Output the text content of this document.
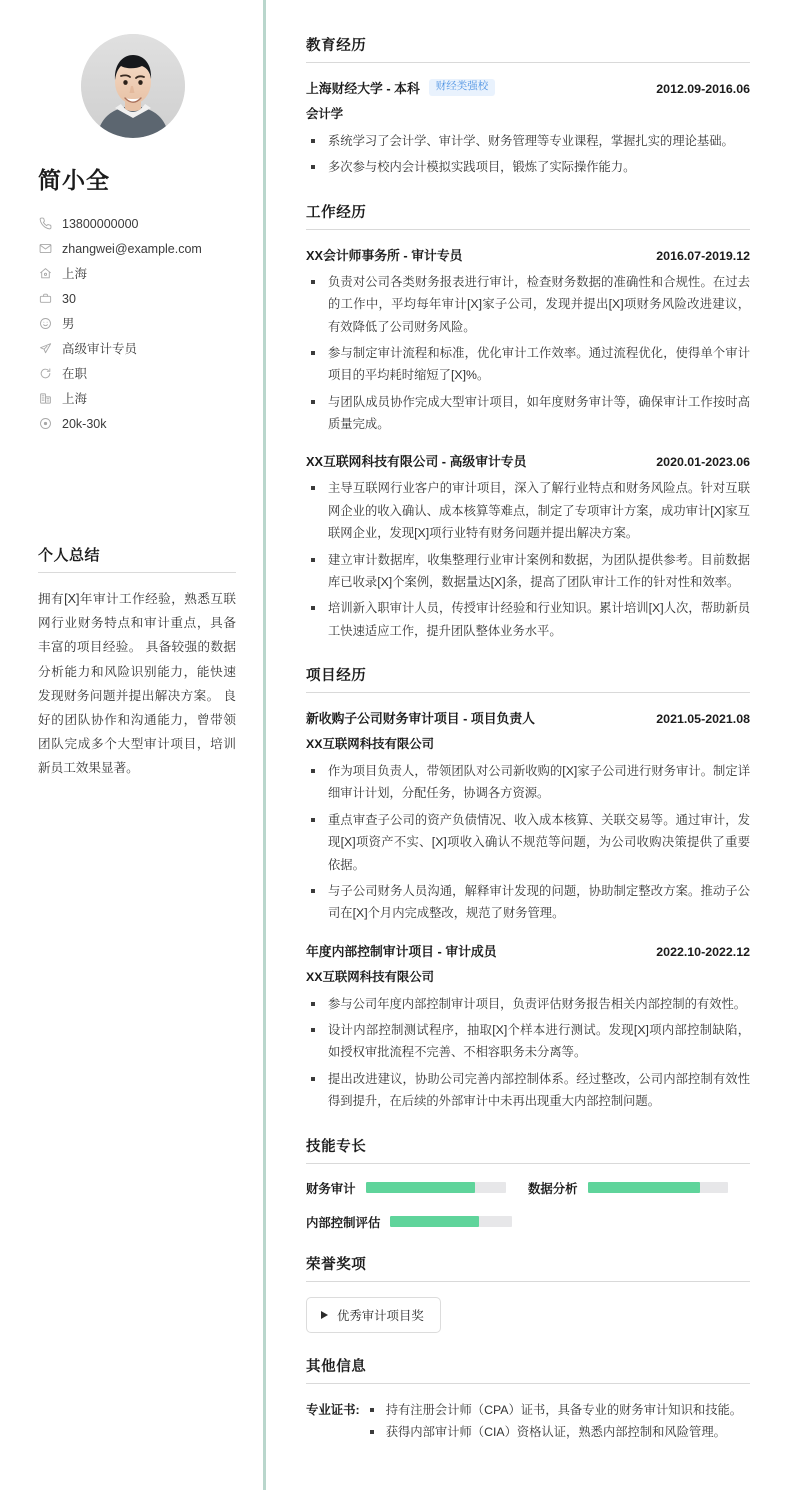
简小全
13800000000
zhangwei@example.com
上海
30
男
高级审计专员
在职
上海
20k-30k
个人总结

拥有[X]年审计工作经验，熟悉互联网行业财务特点和审计重点，具备丰富的项目经验。 具备较强的数据分析能力和风险识别能力，能快速发现财务问题并提出解决方案。 良好的团队协作和沟通能力，曾带领团队完成多个大型审计项目，培训新员工效果显著。

教育经历
上海财经大学 - 本科	财经类强校	2012.09-2016.06
会计学
系统学习了会计学、审计学、财务管理等专业课程，掌握扎实的理论基础。
多次参与校内会计模拟实践项目，锻炼了实际操作能力。
工作经历
XX会计师事务所 - 审计专员	2016.07-2019.12
负责对公司各类财务报表进行审计，检查财务数据的准确性和合规性。在过去的工作中，平均每年审计[X]家子公司，发现并提出[X]项财务风险改进建议，有效降低了公司财务风险。
参与制定审计流程和标准，优化审计工作效率。通过流程优化，使得单个审计项目的平均耗时缩短了[X]%。
与团队成员协作完成大型审计项目，如年度财务审计等，确保审计工作按时高质量完成。
XX互联网科技有限公司 - 高级审计专员	2020.01-2023.06
主导互联网行业客户的审计项目，深入了解行业特点和财务风险点。针对互联网企业的收入确认、成本核算等难点，制定了专项审计方案，成功审计[X]家互联网企业，发现[X]项行业特有财务问题并提出解决方案。
建立审计数据库，收集整理行业审计案例和数据，为团队提供参考。目前数据库已收录[X]个案例，数据量达[X]条，提高了团队审计工作的针对性和效率。
培训新入职审计人员，传授审计经验和行业知识。累计培训[X]人次，帮助新员工快速适应工作，提升团队整体业务水平。
项目经历
新收购子公司财务审计项目 - 项目负责人	2021.05-2021.08
XX互联网科技有限公司
作为项目负责人，带领团队对公司新收购的[X]家子公司进行财务审计。制定详细审计计划，分配任务，协调各方资源。
重点审查子公司的资产负债情况、收入成本核算、关联交易等。通过审计，发现[X]项资产不实、[X]项收入确认不规范等问题，为公司收购决策提供了重要依据。
与子公司财务人员沟通，解释审计发现的问题，协助制定整改方案。推动子公司在[X]个月内完成整改，规范了财务管理。
年度内部控制审计项目 - 审计成员	2022.10-2022.12
XX互联网科技有限公司
参与公司年度内部控制审计项目，负责评估财务报告相关内部控制的有效性。
设计内部控制测试程序，抽取[X]个样本进行测试。发现[X]项内部控制缺陷，如授权审批流程不完善、不相容职务未分离等。
提出改进建议，协助公司完善内部控制体系。经过整改，公司内部控制有效性得到提升，在后续的外部审计中未再出现重大内部控制问题。
技能专长
财务审计	数据分析
内部控制评估
荣誉奖项
优秀审计项目奖
其他信息
专业证书:	持有注册会计师（CPA）证书，具备专业的财务审计知识和技能。
获得内部审计师（CIA）资格认证，熟悉内部控制和风险管理。
